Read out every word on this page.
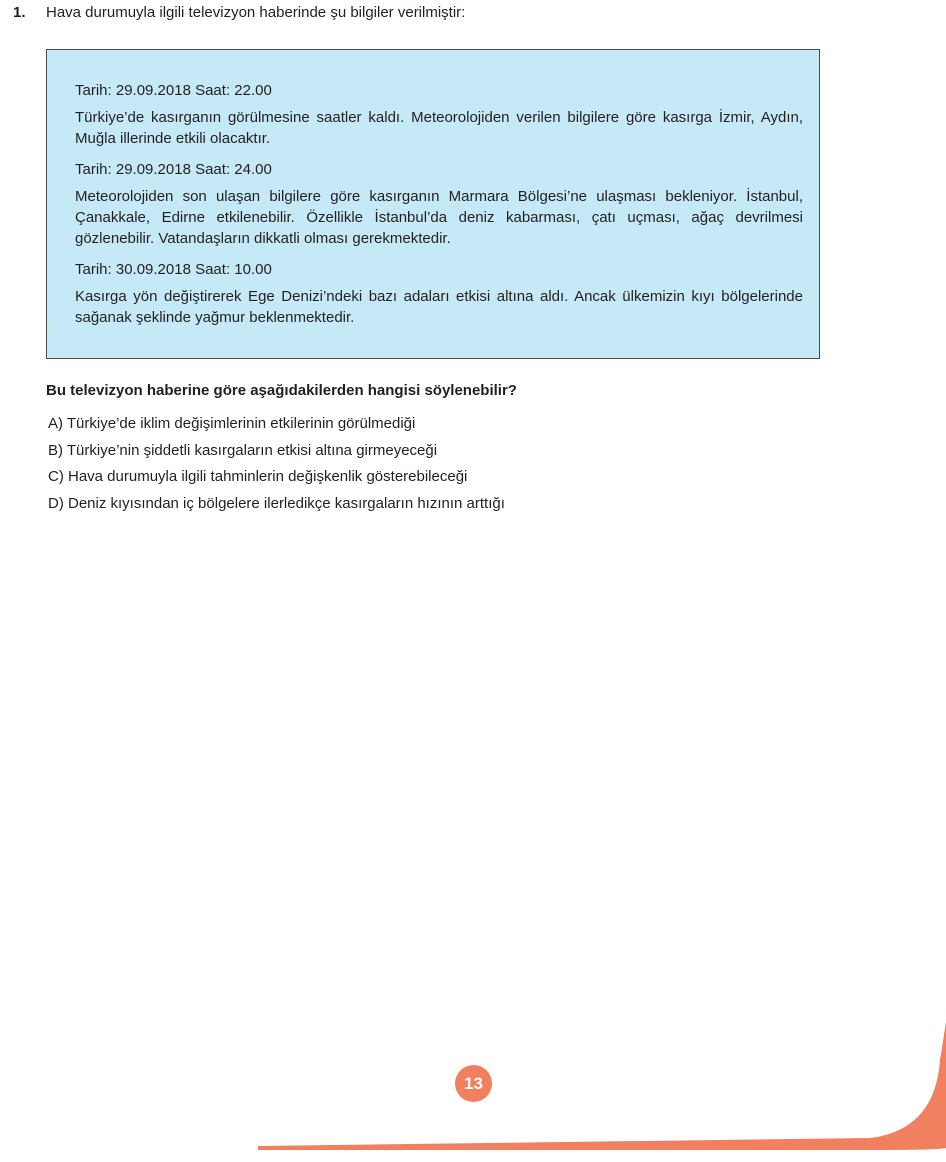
1. Hava durumuyla ilgili televizyon haberinde şu bilgiler verilmiştir:

Tarih: 29.09.2018 Saat: 22.00

Türkiye’de kasırganın görülmesine saatler kaldı. Meteorolojiden verilen bilgilere göre kasırga İzmir, Aydın, Muğla illerinde etkili olacaktır.

Tarih: 29.09.2018 Saat: 24.00

Meteorolojiden son ulaşan bilgilere göre kasırganın Marmara Bölgesi’ne ulaşması bekleniyor. İstanbul, Çanakkale, Edirne etkilenebilir. Özellikle İstanbul’da deniz kabarması, çatı uçması, ağaç devrilmesi gözlenebilir. Vatandaşların dikkatli olması gerekmektedir.

Tarih: 30.09.2018 Saat: 10.00

Kasırga yön değiştirerek Ege Denizi’ndeki bazı adaları etkisi altına aldı. Ancak ülkemizin kıyı bölgelerinde sağanak şeklinde yağmur beklenmektedir.

Bu televizyon haberine göre aşağıdakilerden hangisi söylenebilir?
A) Türkiye’de iklim değişimlerinin etkilerinin görülmediği
B) Türkiye’nin şiddetli kasırgaların etkisi altına girmeyeceği
C) Hava durumuyla ilgili tahminlerin değişkenlik gösterebileceği
D) Deniz kıyısından iç bölgelere ilerledikçe kasırgaların hızının arttığı
13
